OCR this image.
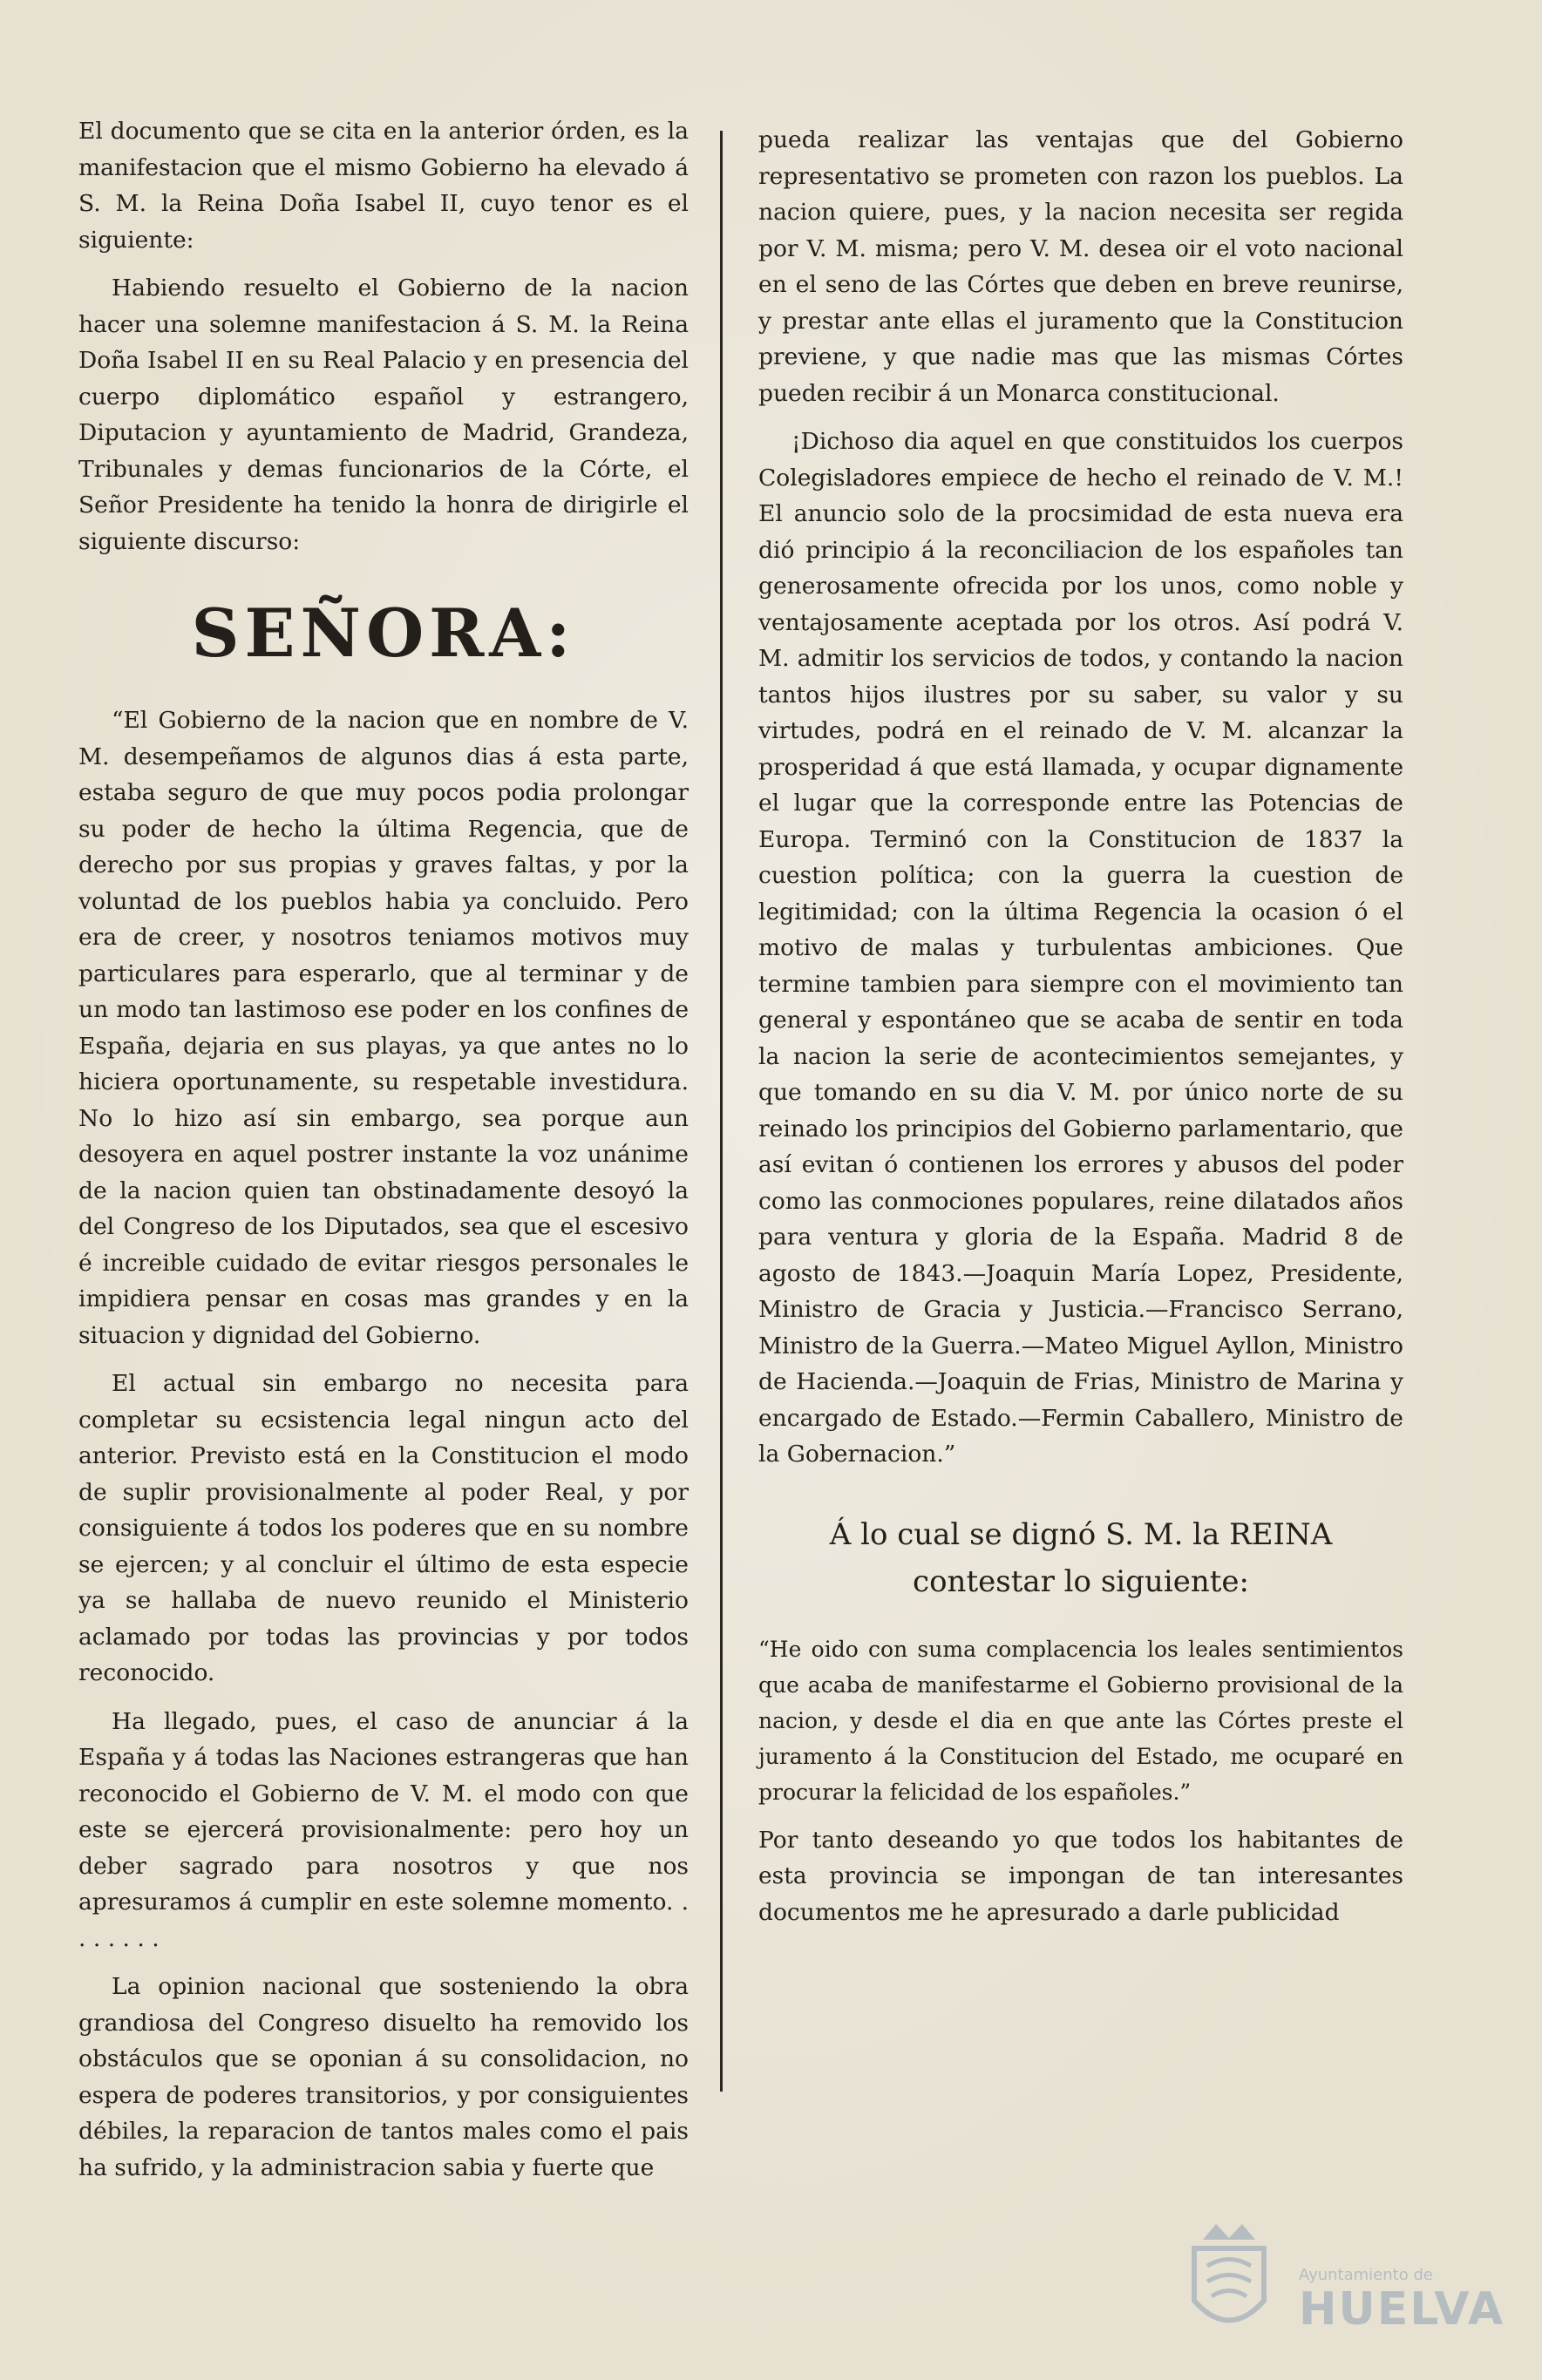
El documento que se cita en la anterior órden, es la manifestacion que el mismo Gobierno ha elevado á S. M. la Reina Doña Isabel II, cuyo tenor es el siguiente:

Habiendo resuelto el Gobierno de la nacion hacer una solemne manifestacion á S. M. la Reina Doña Isabel II en su Real Palacio y en presencia del cuerpo diplomático español y estrangero, Diputacion y ayuntamiento de Madrid, Grandeza, Tribunales y demas funcionarios de la Córte, el Señor Presidente ha tenido la honra de dirigirle el siguiente discurso:

SEÑORA:

“El Gobierno de la nacion que en nombre de V. M. desempeñamos de algunos dias á esta parte, estaba seguro de que muy pocos podia prolongar su poder de hecho la última Regencia, que de derecho por sus propias y graves faltas, y por la voluntad de los pueblos habia ya concluido. Pero era de creer, y nosotros teniamos motivos muy particulares para esperarlo, que al terminar y de un modo tan lastimoso ese poder en los confines de España, dejaria en sus playas, ya que antes no lo hiciera oportunamente, su respetable investidura. No lo hizo así sin embargo, sea porque aun desoyera en aquel postrer instante la voz unánime de la nacion quien tan obstinadamente desoyó la del Congreso de los Diputados, sea que el escesivo é increible cuidado de evitar riesgos personales le impidiera pensar en cosas mas grandes y en la situacion y dignidad del Gobierno.

El actual sin embargo no necesita para completar su ecsistencia legal ningun acto del anterior. Previsto está en la Constitucion el modo de suplir provisionalmente al poder Real, y por consiguiente á todos los poderes que en su nombre se ejercen; y al concluir el último de esta especie ya se hallaba de nuevo reunido el Ministerio aclamado por todas las provincias y por todos reconocido.

Ha llegado, pues, el caso de anunciar á la España y á todas las Naciones estrangeras que han reconocido el Gobierno de V. M. el modo con que este se ejercerá provisionalmente: pero hoy un deber sagrado para nosotros y que nos apresuramos á cumplir en este solemne momento. . . . . . . .

La opinion nacional que sosteniendo la obra grandiosa del Congreso disuelto ha removido los obstáculos que se oponian á su consolidacion, no espera de poderes transitorios, y por consiguientes débiles, la reparacion de tantos males como el pais ha sufrido, y la administracion sabia y fuerte que

pueda realizar las ventajas que del Gobierno representativo se prometen con razon los pueblos. La nacion quiere, pues, y la nacion necesita ser regida por V. M. misma; pero V. M. desea oir el voto nacional en el seno de las Córtes que deben en breve reunirse, y prestar ante ellas el juramento que la Constitucion previene, y que nadie mas que las mismas Córtes pueden recibir á un Monarca constitucional.

¡Dichoso dia aquel en que constituidos los cuerpos Colegisladores empiece de hecho el reinado de V. M.! El anuncio solo de la procsimidad de esta nueva era dió principio á la reconciliacion de los españoles tan generosamente ofrecida por los unos, como noble y ventajosamente aceptada por los otros. Así podrá V. M. admitir los servicios de todos, y contando la nacion tantos hijos ilustres por su saber, su valor y su virtudes, podrá en el reinado de V. M. alcanzar la prosperidad á que está llamada, y ocupar dignamente el lugar que la corresponde entre las Potencias de Europa. Terminó con la Constitucion de 1837 la cuestion política; con la guerra la cuestion de legitimidad; con la última Regencia la ocasion ó el motivo de malas y turbulentas ambiciones. Que termine tambien para siempre con el movimiento tan general y espontáneo que se acaba de sentir en toda la nacion la serie de acontecimientos semejantes, y que tomando en su dia V. M. por único norte de su reinado los principios del Gobierno parlamentario, que así evitan ó contienen los errores y abusos del poder como las conmociones populares, reine dilatados años para ventura y gloria de la España. Madrid 8 de agosto de 1843.—Joaquin María Lopez, Presidente, Ministro de Gracia y Justicia.—Francisco Serrano, Ministro de la Guerra.—Mateo Miguel Ayllon, Ministro de Hacienda.—Joaquin de Frias, Ministro de Marina y encargado de Estado.—Fermin Caballero, Ministro de la Gobernacion.”

Á lo cual se dignó S. M. la REINA
contestar lo siguiente:

“He oido con suma complacencia los leales sentimientos que acaba de manifestarme el Gobierno provisional de la nacion, y desde el dia en que ante las Córtes preste el juramento á la Constitucion del Estado, me ocuparé en procurar la felicidad de los españoles.”

Por tanto deseando yo que todos los habitantes de esta provincia se impongan de tan interesantes documentos me he apresurado a darle publicidad

Ayuntamiento de
HUELVA
